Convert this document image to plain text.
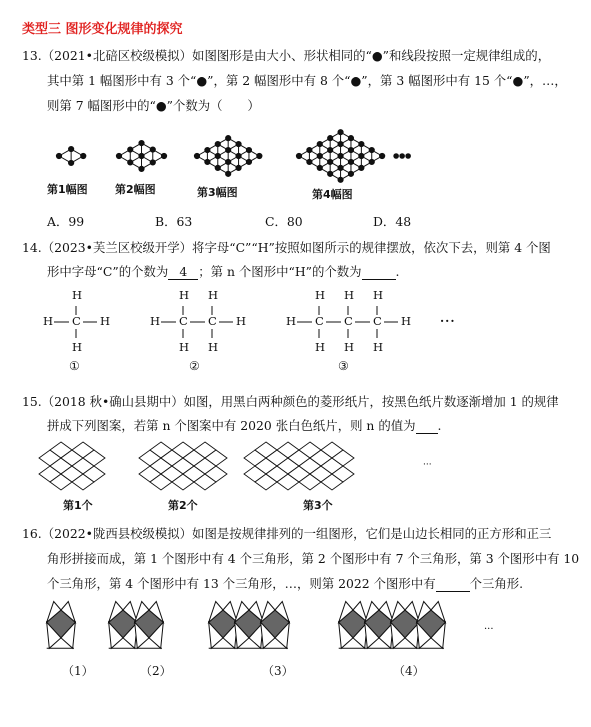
类型三 图形变化规律的探究
13.（2021•北碚区校级模拟）如图图形是由大小、形状相同的“●”和线段按照一定规律组成的，
其中第 1 幅图形中有 3 个“●”，第 2 幅图形中有 8 个“●”，第 3 幅图形中有 15 个“●”，…，
则第 7 幅图形中的“●”个数为（　　）
第1幅图 第2幅图	第3幅图	第4幅图
A．99	B．63	C．80	D．48
14.（2023•芙兰区校级开学）将字母“C”“H”按照如图所示的规律摆放，依次下去，则第 4 个图
形中字母“C”的个数为 4 ；第 n 个图形中“H”的个数为	.
H C
H
H
H	H C
H
H
C
H
H
H	H C
H
H
C
H
H
C
H
H
H
①	②	③
···
15.（2018 秋•确山县期中）如图，用黑白两种颜色的菱形纸片，按黑色纸片数逐渐增加 1 的规律
拼成下列图案，若第 n 个图案中有 2020 张白色纸片，则 n 的值为 .
第1个	第2个	第3个
···
16.（2022•陇西县校级模拟）如图是按规律排列的一组图形，它们是山边长相同的正方形和正三
角形拼接而成，第 1 个图形中有 4 个三角形，第 2 个图形中有 7 个三角形，第 3 个图形中有 10
个三角形，第 4 个图形中有 13 个三角形，…，则第 2022 个图形中有	个三角形.
（1）	（2）	（3）	（4）
···
